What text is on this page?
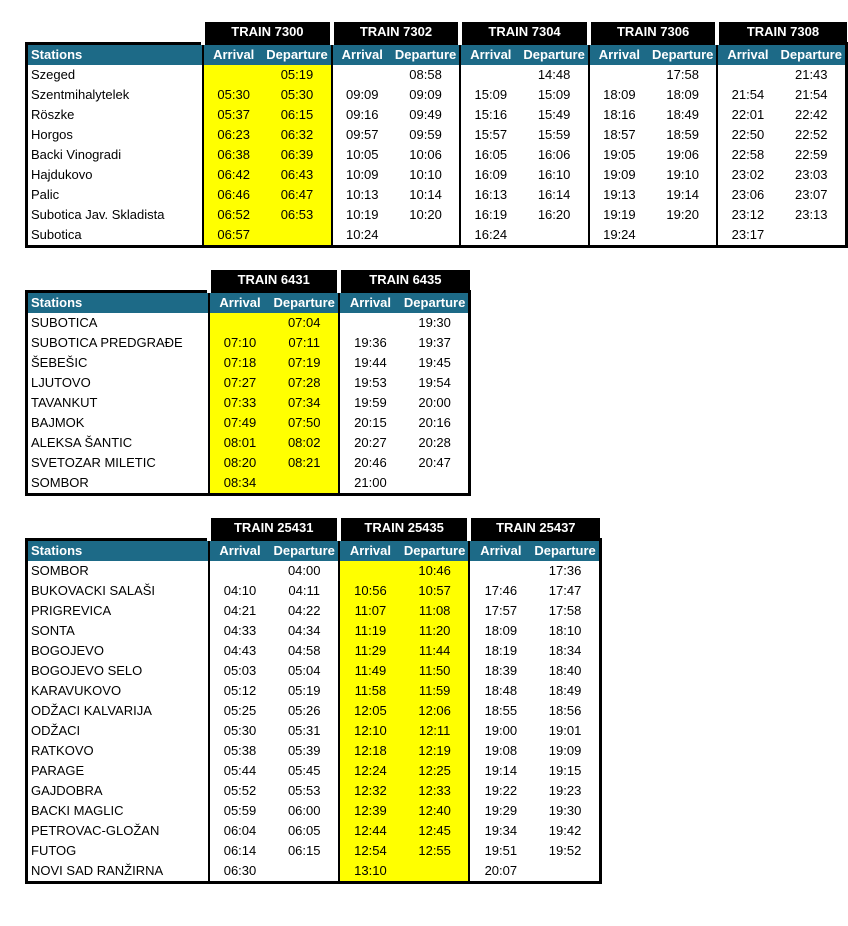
	TRAIN 7300		TRAIN 7302		TRAIN 7304		TRAIN 7306		TRAIN 7308	
Stations	Arrival	Departure	Arrival	Departure	Arrival	Departure	Arrival	Departure	Arrival	Departure
Szeged		05:19		08:58		14:48		17:58		21:43
Szentmihalytelek	05:30	05:30	09:09	09:09	15:09	15:09	18:09	18:09	21:54	21:54
Röszke	05:37	06:15	09:16	09:49	15:16	15:49	18:16	18:49	22:01	22:42
Horgos	06:23	06:32	09:57	09:59	15:57	15:59	18:57	18:59	22:50	22:52
Backi Vinogradi	06:38	06:39	10:05	10:06	16:05	16:06	19:05	19:06	22:58	22:59
Hajdukovo	06:42	06:43	10:09	10:10	16:09	16:10	19:09	19:10	23:02	23:03
Palic	06:46	06:47	10:13	10:14	16:13	16:14	19:13	19:14	23:06	23:07
Subotica Jav. Skladista	06:52	06:53	10:19	10:20	16:19	16:20	19:19	19:20	23:12	23:13
Subotica	06:57		10:24		16:24		19:24		23:17	
	TRAIN 6431		TRAIN 6435	
Stations	Arrival	Departure	Arrival	Departure
SUBOTICA		07:04		19:30
SUBOTICA PREDGRAĐE	07:10	07:11	19:36	19:37
ŠEBEŠIC	07:18	07:19	19:44	19:45
LJUTOVO	07:27	07:28	19:53	19:54
TAVANKUT	07:33	07:34	19:59	20:00
BAJMOK	07:49	07:50	20:15	20:16
ALEKSA ŠANTIC	08:01	08:02	20:27	20:28
SVETOZAR MILETIC	08:20	08:21	20:46	20:47
SOMBOR	08:34		21:00	
	TRAIN 25431		TRAIN 25435		TRAIN 25437	
Stations	Arrival	Departure	Arrival	Departure	Arrival	Departure
SOMBOR		04:00		10:46		17:36
BUKOVACKI SALAŠI	04:10	04:11	10:56	10:57	17:46	17:47
PRIGREVICA	04:21	04:22	11:07	11:08	17:57	17:58
SONTA	04:33	04:34	11:19	11:20	18:09	18:10
BOGOJEVO	04:43	04:58	11:29	11:44	18:19	18:34
BOGOJEVO SELO	05:03	05:04	11:49	11:50	18:39	18:40
KARAVUKOVO	05:12	05:19	11:58	11:59	18:48	18:49
ODŽACI KALVARIJA	05:25	05:26	12:05	12:06	18:55	18:56
ODŽACI	05:30	05:31	12:10	12:11	19:00	19:01
RATKOVO	05:38	05:39	12:18	12:19	19:08	19:09
PARAGE	05:44	05:45	12:24	12:25	19:14	19:15
GAJDOBRA	05:52	05:53	12:32	12:33	19:22	19:23
BACKI MAGLIC	05:59	06:00	12:39	12:40	19:29	19:30
PETROVAC-GLOŽAN	06:04	06:05	12:44	12:45	19:34	19:42
FUTOG	06:14	06:15	12:54	12:55	19:51	19:52
NOVI SAD RANŽIRNA	06:30		13:10		20:07	
